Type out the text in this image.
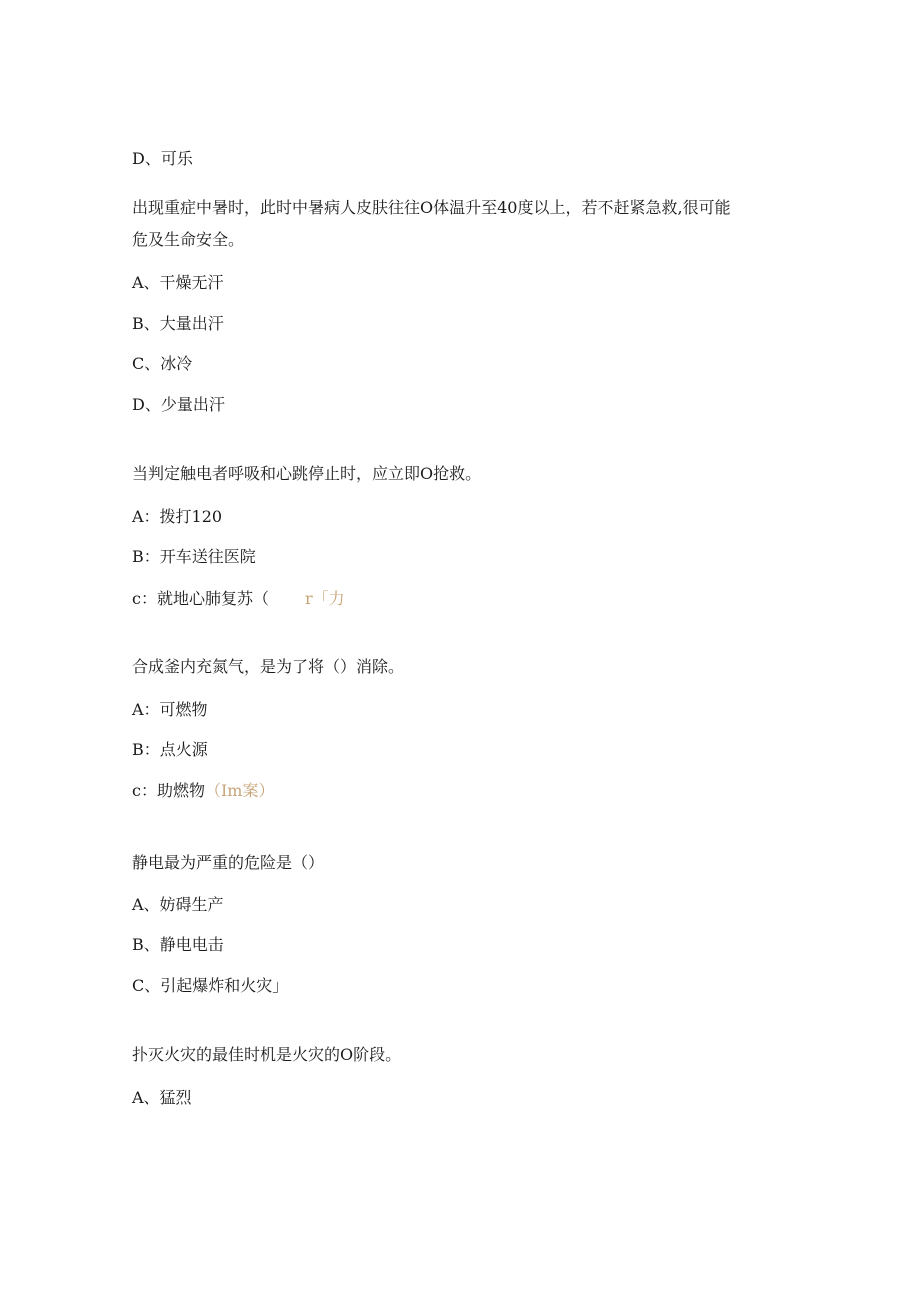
D、可乐
出现重症中暑时，此时中暑病人皮肤往往O体温升至40度以上，若不赶紧急救,很可能
危及生命安全。
A、干燥无汗
B、大量出汗
C、冰冷
D、少量出汗
当判定触电者呼吸和心跳停止时，应立即O抢救。
A：拨打120
B：开车送往医院
c：就地心肺复苏（ r「力
合成釜内充氮气，是为了将（）消除。
A：可燃物
B：点火源
c：助燃物（Im案）
静电最为严重的危险是（）
A、妨碍生产
B、静电电击
C、引起爆炸和火灾」
扑灭火灾的最佳时机是火灾的O阶段。
A、猛烈
